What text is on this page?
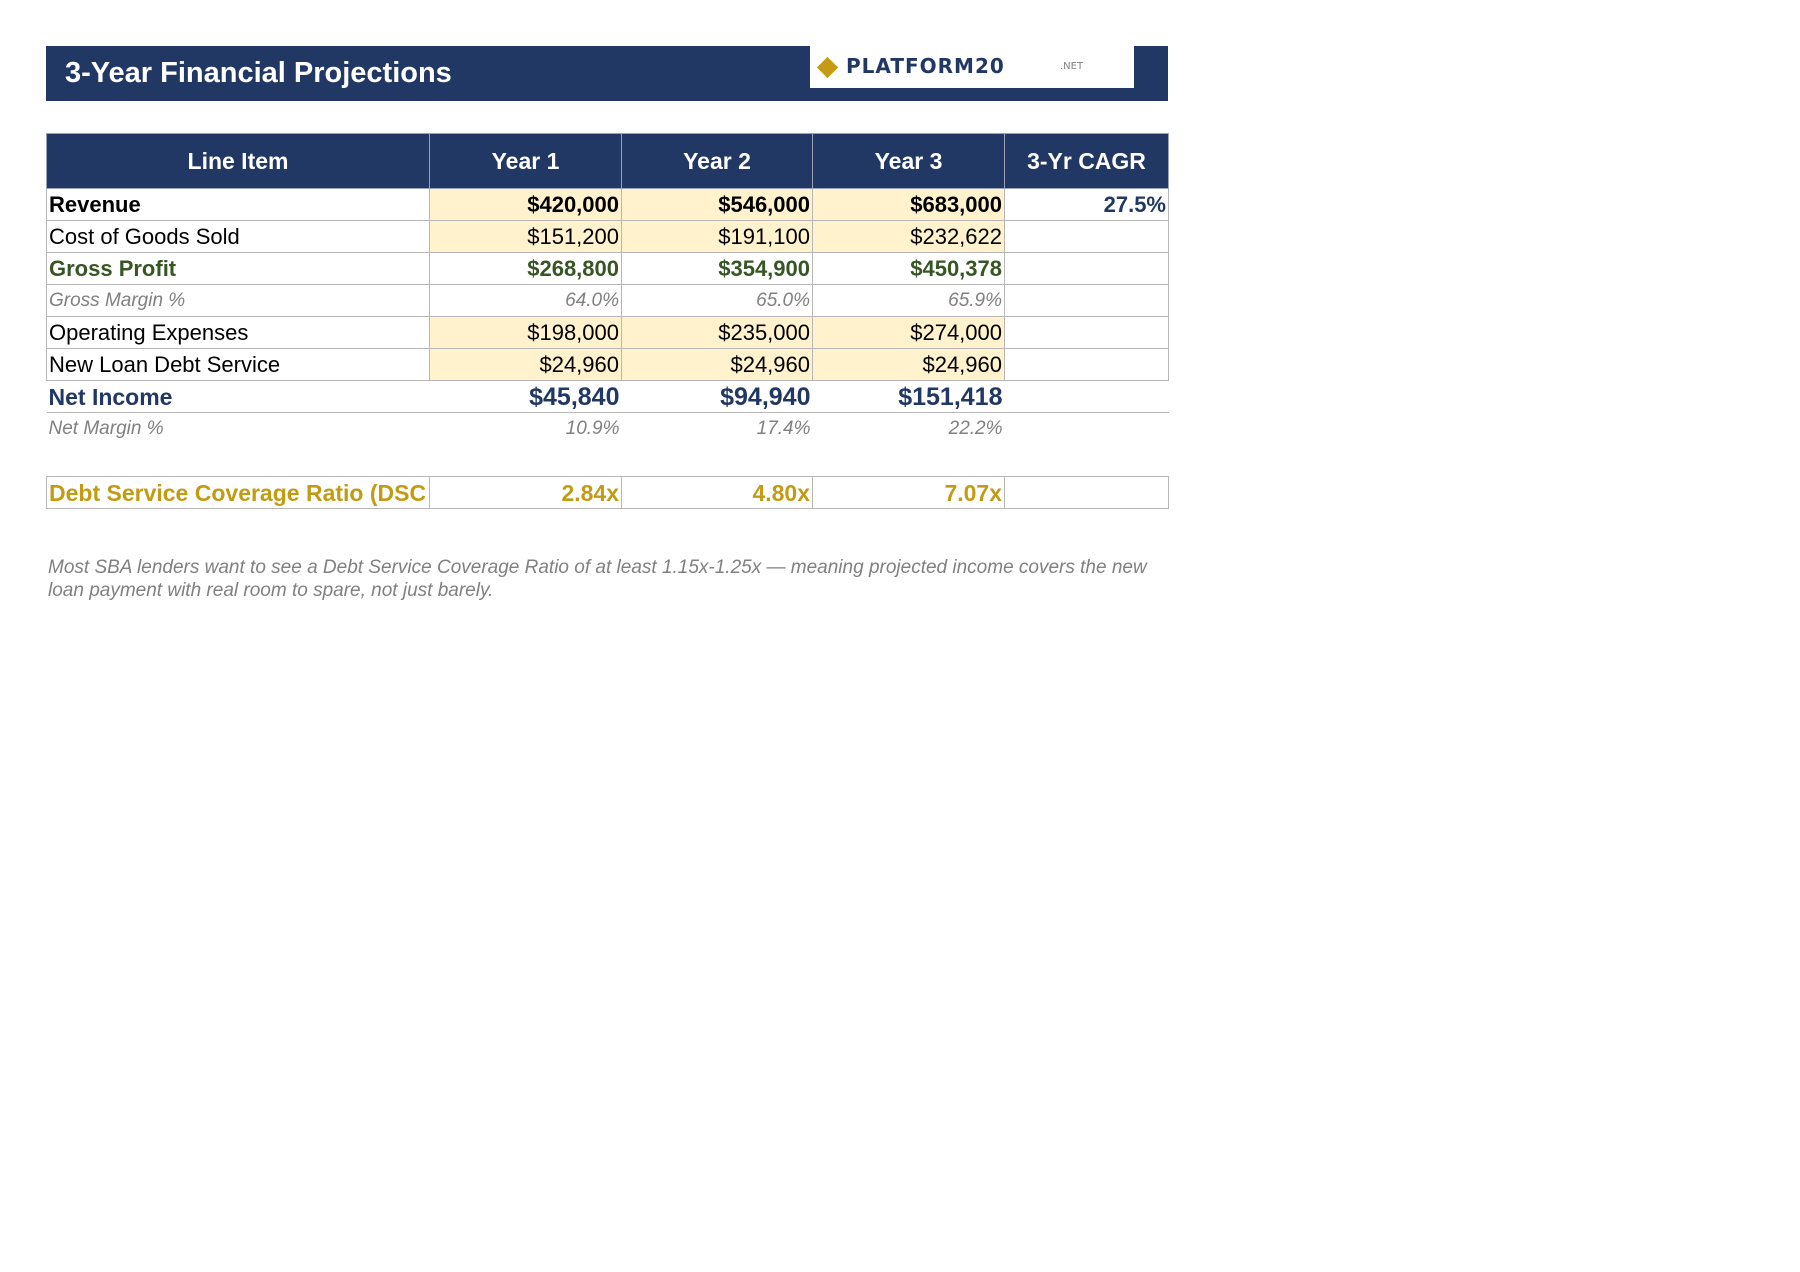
3-Year Financial Projections	PLATFORM20	.NET
Line Item	Year 1	Year 2	Year 3	3-Yr CAGR
Revenue	$420,000	$546,000	$683,000	27.5%
Cost of Goods Sold	$151,200	$191,100	$232,622	
Gross Profit	$268,800	$354,900	$450,378	
Gross Margin %	64.0%	65.0%	65.9%	
Operating Expenses	$198,000	$235,000	$274,000	
New Loan Debt Service	$24,960	$24,960	$24,960	
Net Income	$45,840	$94,940	$151,418	
Net Margin %	10.9%	17.4%	22.2%	

Debt Service Coverage Ratio (DSC	2.84x	4.80x	7.07x	
Most SBA lenders want to see a Debt Service Coverage Ratio of at least 1.15x-1.25x — meaning projected income covers the new loan payment with real room to spare, not just barely.
